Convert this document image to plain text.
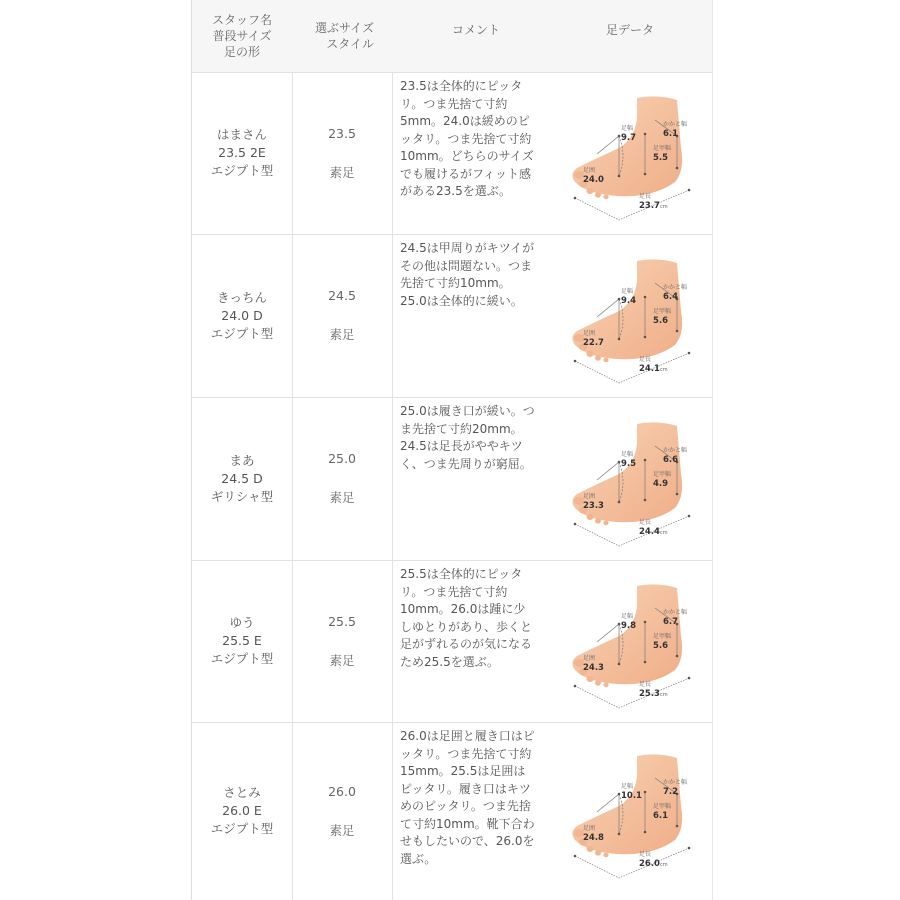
スタッフ名
普段サイズ
足の形
選ぶサイズ
スタイル
コメント	足データ
はまさん
23.5 2E
エジプト型
23.5
素足
23.5は全体的にピッタリ。つま先捨て寸約5mm。24.0は緩めのピッタリ。つま先捨て寸約10mm。どちらのサイズでも履けるがフィット感がある23.5を選ぶ。
かかと幅
6.1
足幅
9.7
足甲幅
5.5
足囲
24.0
足長
23.7 cm
きっちん
24.0 D
エジプト型
24.5
素足
24.5は甲周りがキツイがその他は問題ない。つま先捨て寸約10mm。25.0は全体的に緩い。
かかと幅
6.4
足幅
9.4
足甲幅
5.6
足囲
22.7
足長
24.1 cm
まあ
24.5 D
ギリシャ型
25.0
素足
25.0は履き口が緩い。つま先捨て寸約20mm。24.5は足長がややキツく、つま先周りが窮屈。
かかと幅
6.6
足幅
9.5
足甲幅
4.9
足囲
23.3
足長
24.4 cm
ゆう
25.5 E
エジプト型
25.5
素足
25.5は全体的にピッタリ。つま先捨て寸約10mm。26.0は踵に少しゆとりがあり、歩くと足がずれるのが気になるため25.5を選ぶ。
かかと幅
6.7
足幅
9.8
足甲幅
5.6
足囲
24.3
足長
25.3 cm
さとみ
26.0 E
エジプト型
26.0
素足
26.0は足囲と履き口はピッタリ。つま先捨て寸約15mm。25.5は足囲はピッタリ。履き口はキツめのピッタリ。つま先捨て寸約10mm。靴下合わせもしたいので、26.0を選ぶ。
かかと幅
7.2
足幅
10.1
足甲幅
6.1
足囲
24.8
足長
26.0 cm
